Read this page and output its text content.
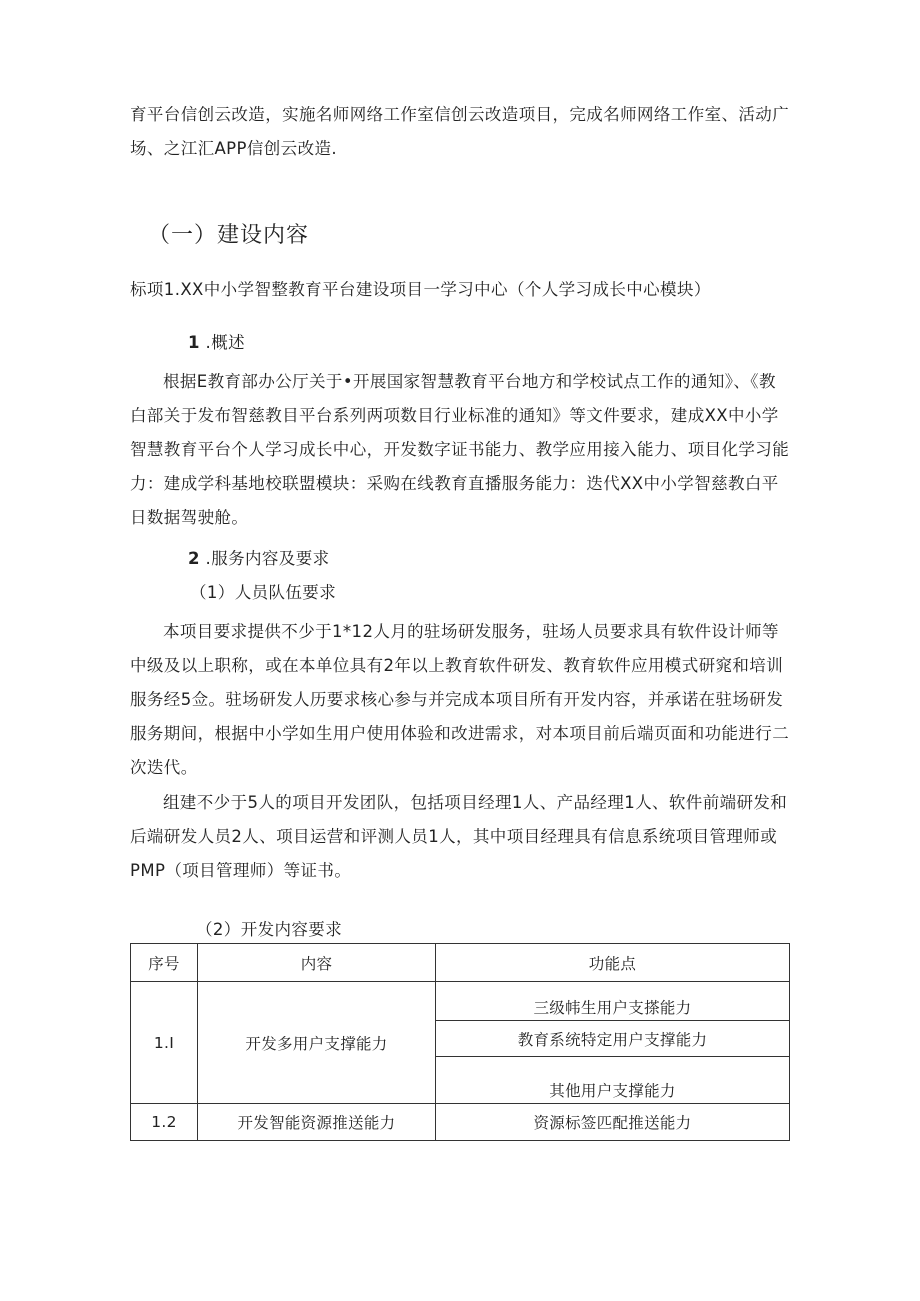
育平台信创云改造，实施名师网络工作室信创云改造项目，完成名师网络工作室、活动广
场、之江汇APP信创云改造.

（一）建设内容

标项1.XX中小学智整教育平台建设项目一学习中心（个人学习成长中心模块）

1 .概述

根据E教育部办公厅关于•开展国家智慧教育平台地方和学校试点工作的通知》、《教白部关于发布智慈教目平台系列两项数目行业标准的通知》等文件要求，建成XX中小学智慧教育平台个人学习成长中心，开发数字证书能力、教学应用接入能力、项目化学习能力：建成学科基地校联盟模块：采购在线教育直播服务能力：迭代XX中小学智慈教白平日数据驾驶舱。

2 .服务内容及要求

（1）人员队伍要求

本项目要求提供不少于1*12人月的驻场研发服务，驻场人员要求具有软件设计师等中级及以上职称，或在本单位具有2年以上教育软件研发、教育软件应用模式研窕和培训服务经5佥。驻场研发人历要求核心参与并完成本项目所有开发内容，并承诺在驻场研发服务期间，根据中小学如生用户使用体验和改进需求，对本项目前后端页面和功能进行二次迭代。

组建不少于5人的项目开发团队，包括项目经理1人、产品经理1人、软件前端研发和后端研发人员2人、项目运营和评测人员1人，其中项目经理具有信息系统项目管理师或PMP（项目管理师）等证书。

（2）开发内容要求

序号	内容	功能点
1.I	开发多用户支撑能力	三级帏生用户支搽能力
		教育系统特定用户支撑能力
		其他用户支撑能力
1.2	开发智能资源推送能力	资源标签匹配推送能力
